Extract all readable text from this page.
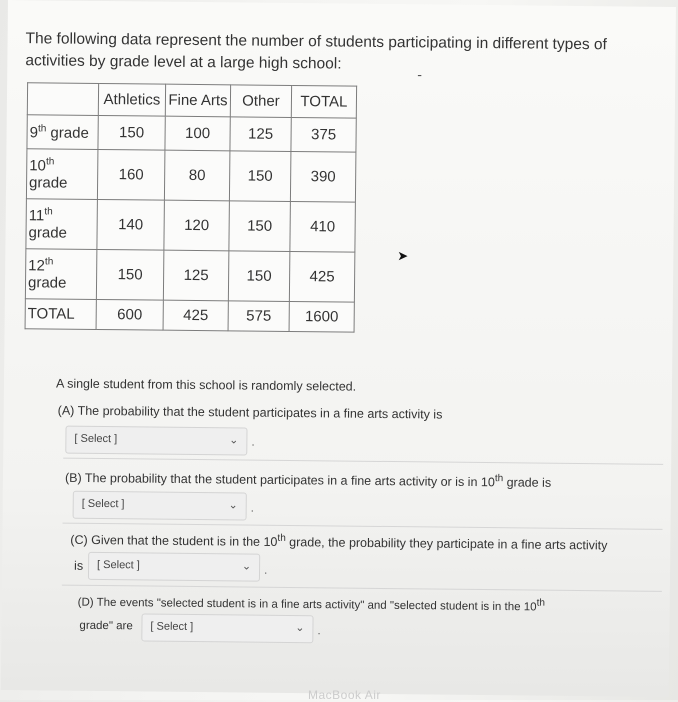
The following data represent the number of students participating in different types of activities by grade level at a large high school:
‐
	Athletics	Fine Arts	Other	TOTAL
9th grade	150	100	125	375
10th
grade	160	80	150	390
11th
grade	140	120	150	410
12th
grade	150	125	150	425
TOTAL	600	425	575	1600
➤
A single student from this school is randomly selected.
(A) The probability that the student participates in a fine arts activity is
[ Select ]	⌄ .
(B) The probability that the student participates in a fine arts activity or is in 10th grade is
[ Select ]	⌄ .
(C) Given that the student is in the 10th grade, the probability they participate in a fine arts activity
is	[ Select ]	⌄ .
(D) The events "selected student is in a fine arts activity" and "selected student is in the 10th
grade" are	[ Select ]	⌄ .
MacBook Air
